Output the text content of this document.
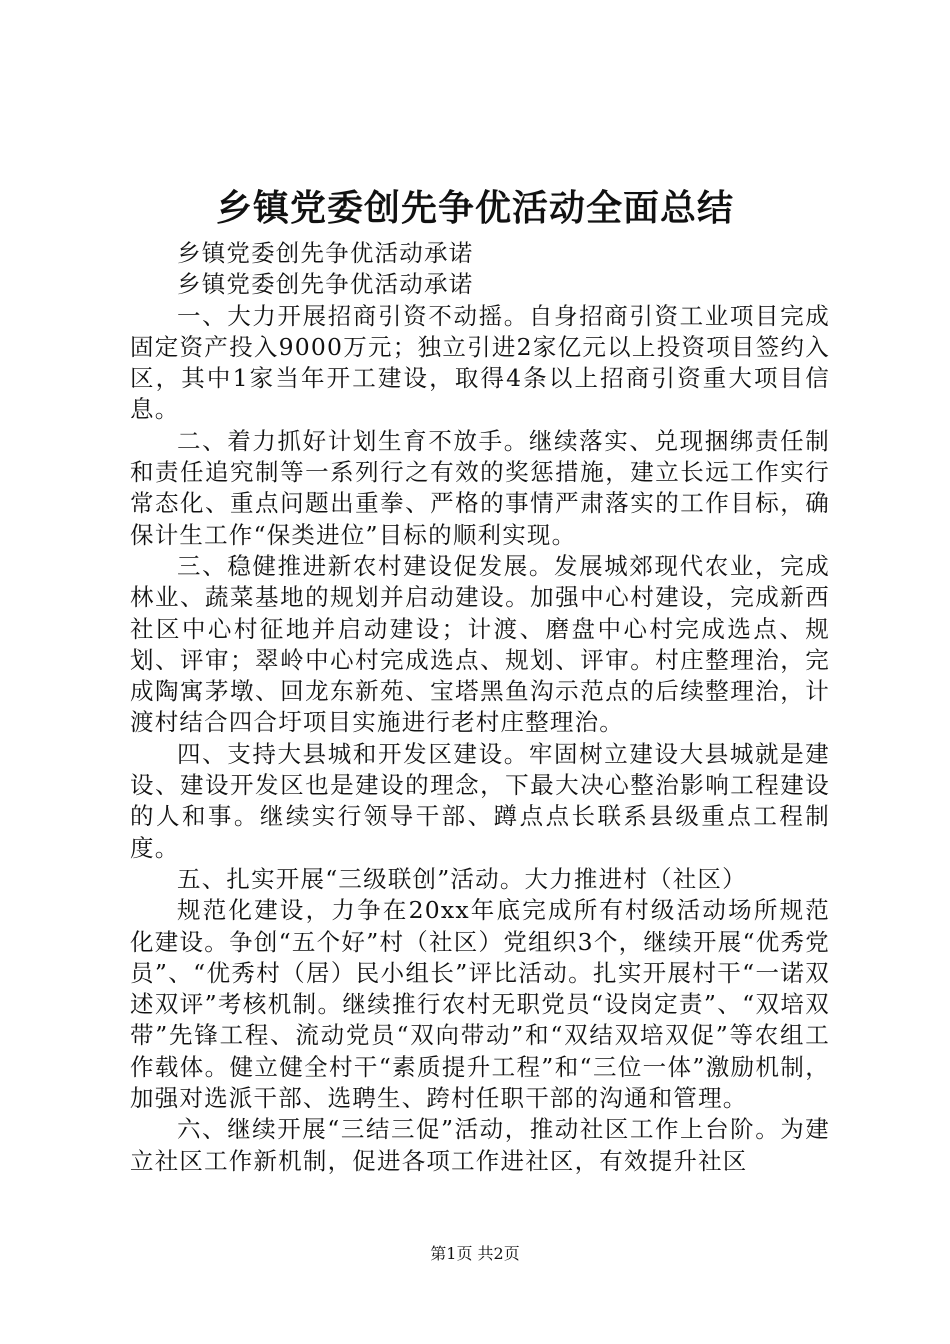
乡镇党委创先争优活动全面总结

乡镇党委创先争优活动承诺

乡镇党委创先争优活动承诺

一、大力开展招商引资不动摇。自身招商引资工业项目完成固定资产投入9000万元；独立引进2家亿元以上投资项目签约入区，其中1家当年开工建设，取得4条以上招商引资重大项目信息。

二、着力抓好计划生育不放手。继续落实、兑现捆绑责任制和责任追究制等一系列行之有效的奖惩措施，建立长远工作实行常态化、重点问题出重拳、严格的事情严肃落实的工作目标，确保计生工作“保类进位”目标的顺利实现。

三、稳健推进新农村建设促发展。发展城郊现代农业，完成林业、蔬菜基地的规划并启动建设。加强中心村建设，完成新西社区中心村征地并启动建设；计渡、磨盘中心村完成选点、规划、评审；翠岭中心村完成选点、规划、评审。村庄整理治，完成陶寓茅墩、回龙东新苑、宝塔黑鱼沟示范点的后续整理治，计渡村结合四合圩项目实施进行老村庄整理治。

四、支持大县城和开发区建设。牢固树立建设大县城就是建设、建设开发区也是建设的理念，下最大决心整治影响工程建设的人和事。继续实行领导干部、蹲点点长联系县级重点工程制度。

五、扎实开展“三级联创”活动。大力推进村（社区）

规范化建设，力争在20xx年底完成所有村级活动场所规范化建设。争创“五个好”村（社区）党组织3个，继续开展“优秀党员”、“优秀村（居）民小组长”评比活动。扎实开展村干“一诺双述双评”考核机制。继续推行农村无职党员“设岗定责”、“双培双带”先锋工程、流动党员“双向带动”和“双结双培双促”等农组工作载体。健立健全村干“素质提升工程”和“三位一体”激励机制，加强对选派干部、选聘生、跨村任职干部的沟通和管理。

六、继续开展“三结三促”活动，推动社区工作上台阶。为建立社区工作新机制，促进各项工作进社区，有效提升社区

第1页 共2页
